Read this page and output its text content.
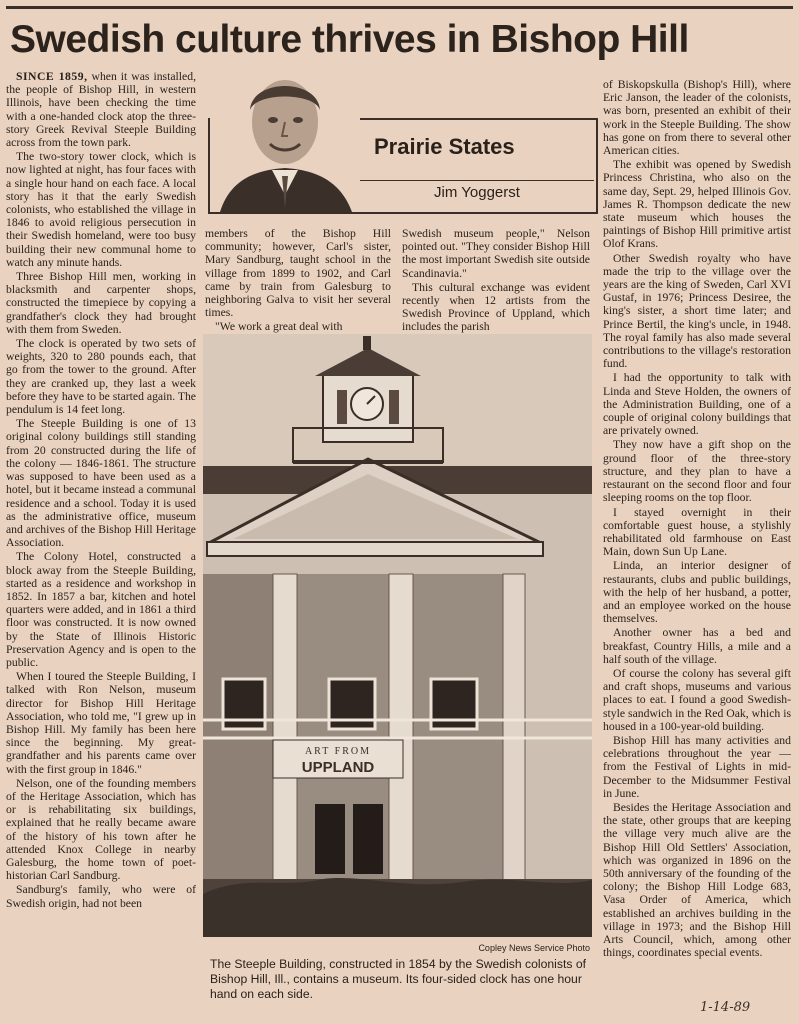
Swedish culture thrives in Bishop Hill

SINCE 1859, when it was installed, the people of Bishop Hill, in western Illinois, have been checking the time with a one-handed clock atop the three-story Greek Revival Steeple Building across from the town park.

The two-story tower clock, which is now lighted at night, has four faces with a single hour hand on each face. A local story has it that the early Swedish colonists, who established the village in 1846 to avoid religious persecution in their Swedish homeland, were too busy building their new communal home to watch any minute hands.

Three Bishop Hill men, working in blacksmith and carpenter shops, constructed the timepiece by copying a grandfather's clock they had brought with them from Sweden.

The clock is operated by two sets of weights, 320 to 280 pounds each, that go from the tower to the ground. After they are cranked up, they last a week before they have to be started again. The pendulum is 14 feet long.

The Steeple Building is one of 13 original colony buildings still standing from 20 constructed during the life of the colony — 1846-1861. The structure was supposed to have been used as a hotel, but it became instead a communal residence and a school. Today it is used as the administrative office, museum and archives of the Bishop Hill Heritage Association.

The Colony Hotel, constructed a block away from the Steeple Building, started as a residence and workshop in 1852. In 1857 a bar, kitchen and hotel quarters were added, and in 1861 a third floor was constructed. It is now owned by the State of Illinois Historic Preservation Agency and is open to the public.

When I toured the Steeple Building, I talked with Ron Nelson, museum director for Bishop Hill Heritage Association, who told me, "I grew up in Bishop Hill. My family has been here since the beginning. My great-grandfather and his parents came over with the first group in 1846."

Nelson, one of the founding members of the Heritage Association, which has or is rehabilitating six buildings, explained that he really became aware of the history of his town after he attended Knox College in nearby Galesburg, the home town of poet-historian Carl Sandburg.

Sandburg's family, who were of Swedish origin, had not been

Prairie States
Jim Yoggerst

members of the Bishop Hill community; however, Carl's sister, Mary Sandburg, taught school in the village from 1899 to 1902, and Carl came by train from Galesburg to neighboring Galva to visit her several times.

"We work a great deal with

Swedish museum people," Nelson pointed out. "They consider Bishop Hill the most important Swedish site outside Scandinavia."

This cultural exchange was evident recently when 12 artists from the Swedish Province of Uppland, which includes the parish

ART FROM
UPPLAND
Copley News Service Photo
The Steeple Building, constructed in 1854 by the Swedish colonists of Bishop Hill, Ill., contains a museum. Its four-sided clock has one hour hand on each side.

of Biskopskulla (Bishop's Hill), where Eric Janson, the leader of the colonists, was born, presented an exhibit of their work in the Steeple Building. The show has gone on from there to several other American cities.

The exhibit was opened by Swedish Princess Christina, who also on the same day, Sept. 29, helped Illinois Gov. James R. Thompson dedicate the new state museum which houses the paintings of Bishop Hill primitive artist Olof Krans.

Other Swedish royalty who have made the trip to the village over the years are the king of Sweden, Carl XVI Gustaf, in 1976; Princess Desiree, the king's sister, a short time later; and Prince Bertil, the king's uncle, in 1948. The royal family has also made several contributions to the village's restoration fund.

I had the opportunity to talk with Linda and Steve Holden, the owners of the Administration Building, one of a couple of original colony buildings that are privately owned.

They now have a gift shop on the ground floor of the three-story structure, and they plan to have a restaurant on the second floor and four sleeping rooms on the top floor.

I stayed overnight in their comfortable guest house, a stylishly rehabilitated old farmhouse on East Main, down Sun Up Lane.

Linda, an interior designer of restaurants, clubs and public buildings, with the help of her husband, a potter, and an employee worked on the house themselves.

Another owner has a bed and breakfast, Country Hills, a mile and a half south of the village.

Of course the colony has several gift and craft shops, museums and various places to eat. I found a good Swedish-style sandwich in the Red Oak, which is housed in a 100-year-old building.

Bishop Hill has many activities and celebrations throughout the year — from the Festival of Lights in mid-December to the Midsummer Festival in June.

Besides the Heritage Association and the state, other groups that are keeping the village very much alive are the Bishop Hill Old Settlers' Association, which was organized in 1896 on the 50th anniversary of the founding of the colony; the Bishop Hill Lodge 683, Vasa Order of America, which established an archives building in the village in 1973; and the Bishop Hill Arts Council, which, among other things, coordinates special events.

1-14-89
